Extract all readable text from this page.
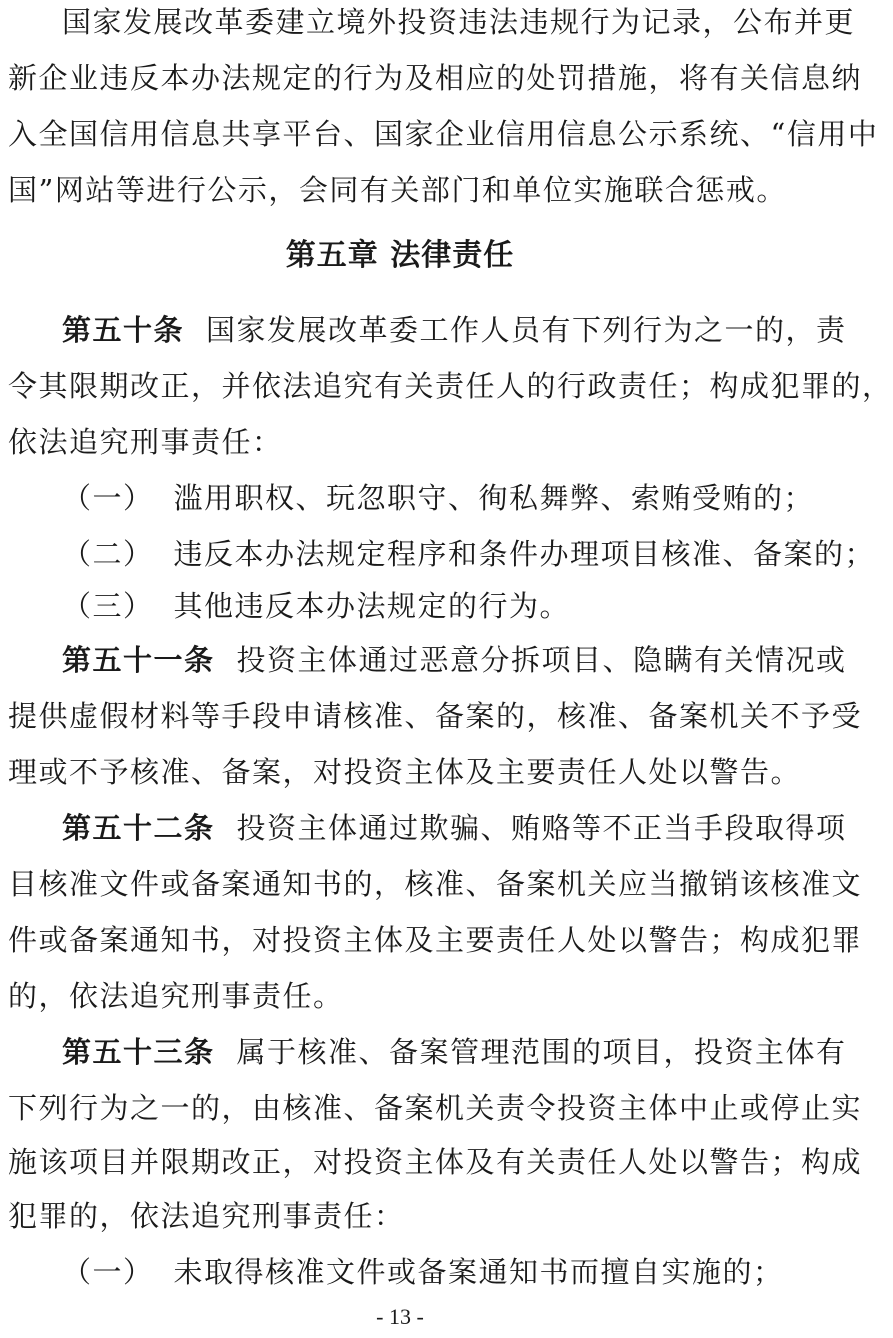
国家发展改革委建立境外投资违法违规行为记录，公布并更
新企业违反本办法规定的行为及相应的处罚措施，将有关信息纳
入全国信用信息共享平台、国家企业信用信息公示系统、“信用中
国”网站等进行公示，会同有关部门和单位实施联合惩戒。
第五章 法律责任
第五十条 国家发展改革委工作人员有下列行为之一的，责
令其限期改正，并依法追究有关责任人的行政责任；构成犯罪的，
依法追究刑事责任：
（一） 滥用职权、玩忽职守、徇私舞弊、索贿受贿的；
（二） 违反本办法规定程序和条件办理项目核准、备案的；
（三） 其他违反本办法规定的行为。
第五十一条 投资主体通过恶意分拆项目、隐瞒有关情况或
提供虚假材料等手段申请核准、备案的，核准、备案机关不予受
理或不予核准、备案，对投资主体及主要责任人处以警告。
第五十二条 投资主体通过欺骗、贿赂等不正当手段取得项
目核准文件或备案通知书的，核准、备案机关应当撤销该核准文
件或备案通知书，对投资主体及主要责任人处以警告；构成犯罪
的，依法追究刑事责任。
第五十三条 属于核准、备案管理范围的项目，投资主体有
下列行为之一的，由核准、备案机关责令投资主体中止或停止实
施该项目并限期改正，对投资主体及有关责任人处以警告；构成
犯罪的，依法追究刑事责任：
（一） 未取得核准文件或备案通知书而擅自实施的；
- 13 -
